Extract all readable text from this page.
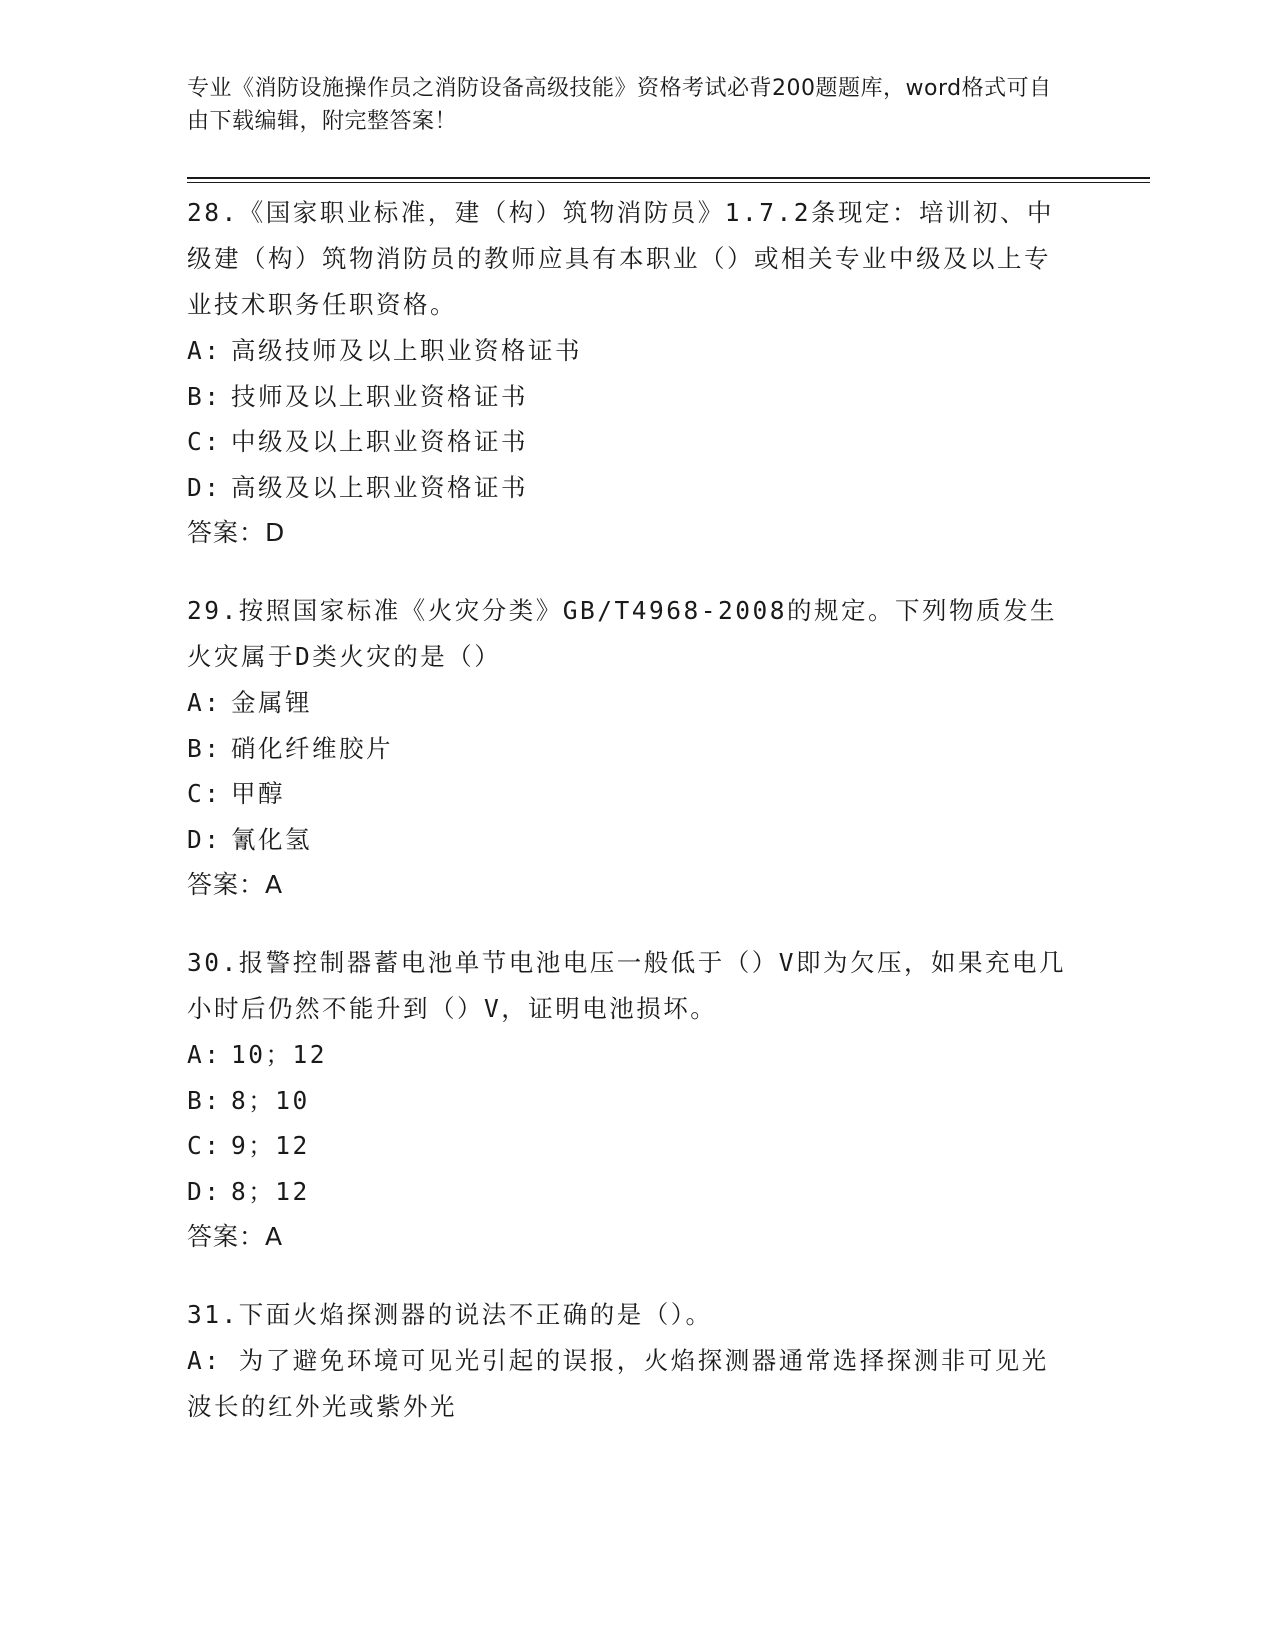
专业《消防设施操作员之消防设备高级技能》资格考试必背200题题库，word格式可自由下载编辑，附完整答案！
28.《国家职业标准，建（构）筑物消防员》1.7.2条现定：培训初、中级建（构）筑物消防员的教师应具有本职业（）或相关专业中级及以上专业技术职务任职资格。
A: 高级技师及以上职业资格证书
B: 技师及以上职业资格证书
C: 中级及以上职业资格证书
D: 高级及以上职业资格证书
答案：D
29.按照国家标准《火灾分类》GB/T4968-2008的规定。下列物质发生火灾属于D类火灾的是（）
A: 金属锂
B: 硝化纤维胶片
C: 甲醇
D: 氰化氢
答案：A
30.报警控制器蓄电池单节电池电压一般低于（）V即为欠压，如果充电几小时后仍然不能升到（）V，证明电池损坏。
A: 10；12
B: 8；10
C: 9；12
D: 8；12
答案：A
31.下面火焰探测器的说法不正确的是（）。
A:  为了避免环境可见光引起的误报，火焰探测器通常选择探测非可见光波长的红外光或紫外光
